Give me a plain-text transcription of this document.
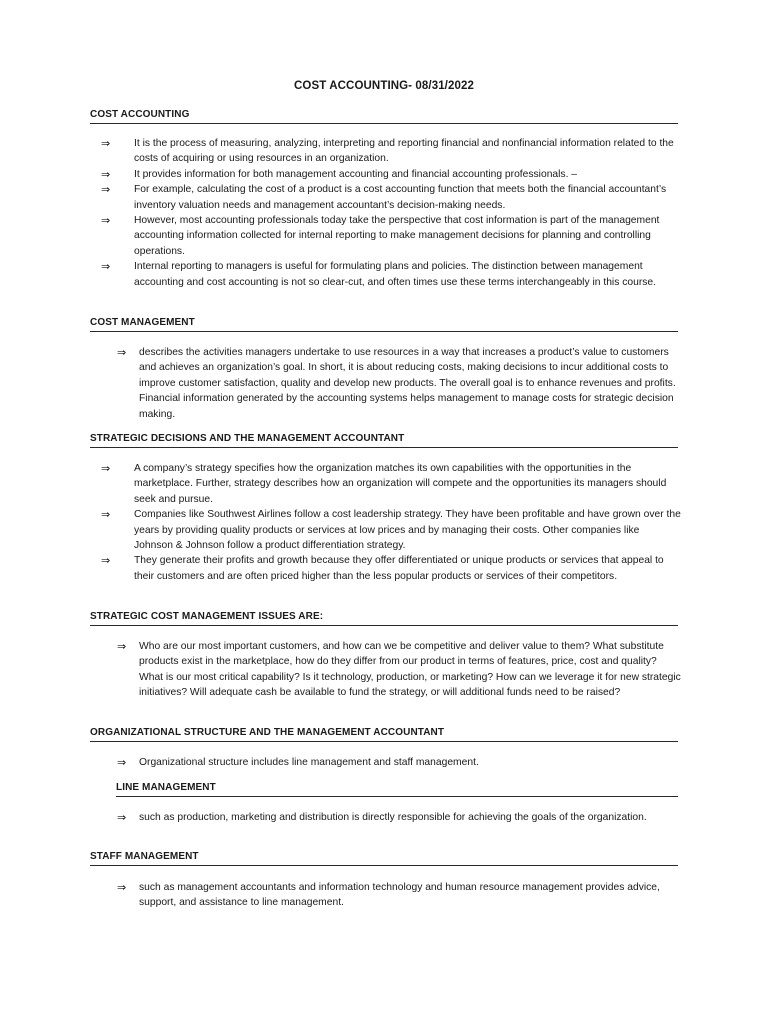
COST ACCOUNTING- 08/31/2022
COST ACCOUNTING
⇒	It is the process of measuring, analyzing, interpreting and reporting financial and nonfinancial information related to the costs of acquiring or using resources in an organization.
⇒	It provides information for both management accounting and financial accounting professionals. –
⇒	For example, calculating the cost of a product is a cost accounting function that meets both the financial accountant’s inventory valuation needs and management accountant’s decision-making needs.
⇒	However, most accounting professionals today take the perspective that cost information is part of the management accounting information collected for internal reporting to make management decisions for planning and controlling operations.
⇒	Internal reporting to managers is useful for formulating plans and policies. The distinction between management accounting and cost accounting is not so clear-cut, and often times use these terms interchangeably in this course.
COST MANAGEMENT
⇒	describes the activities managers undertake to use resources in a way that increases a product’s value to customers and achieves an organization’s goal. In short, it is about reducing costs, making decisions to incur additional costs to improve customer satisfaction, quality and develop new products. The overall goal is to enhance revenues and profits. Financial information generated by the accounting systems helps management to manage costs for strategic decision making.
STRATEGIC DECISIONS AND THE MANAGEMENT ACCOUNTANT
⇒	A company’s strategy specifies how the organization matches its own capabilities with the opportunities in the marketplace. Further, strategy describes how an organization will compete and the opportunities its managers should seek and pursue.
⇒	Companies like Southwest Airlines follow a cost leadership strategy. They have been profitable and have grown over the years by providing quality products or services at low prices and by managing their costs. Other companies like Johnson & Johnson follow a product differentiation strategy.
⇒	They generate their profits and growth because they offer differentiated or unique products or services that appeal to their customers and are often priced higher than the less popular products or services of their competitors.
STRATEGIC COST MANAGEMENT ISSUES ARE:
⇒	Who are our most important customers, and how can we be competitive and deliver value to them? What substitute products exist in the marketplace, how do they differ from our product in terms of features, price, cost and quality? What is our most critical capability? Is it technology, production, or marketing? How can we leverage it for new strategic initiatives? Will adequate cash be available to fund the strategy, or will additional funds need to be raised?
ORGANIZATIONAL STRUCTURE AND THE MANAGEMENT ACCOUNTANT
⇒	Organizational structure includes line management and staff management.
LINE MANAGEMENT
⇒	such as production, marketing and distribution is directly responsible for achieving the goals of the organization.
STAFF MANAGEMENT
⇒	such as management accountants and information technology and human resource management provides advice, support, and assistance to line management.
